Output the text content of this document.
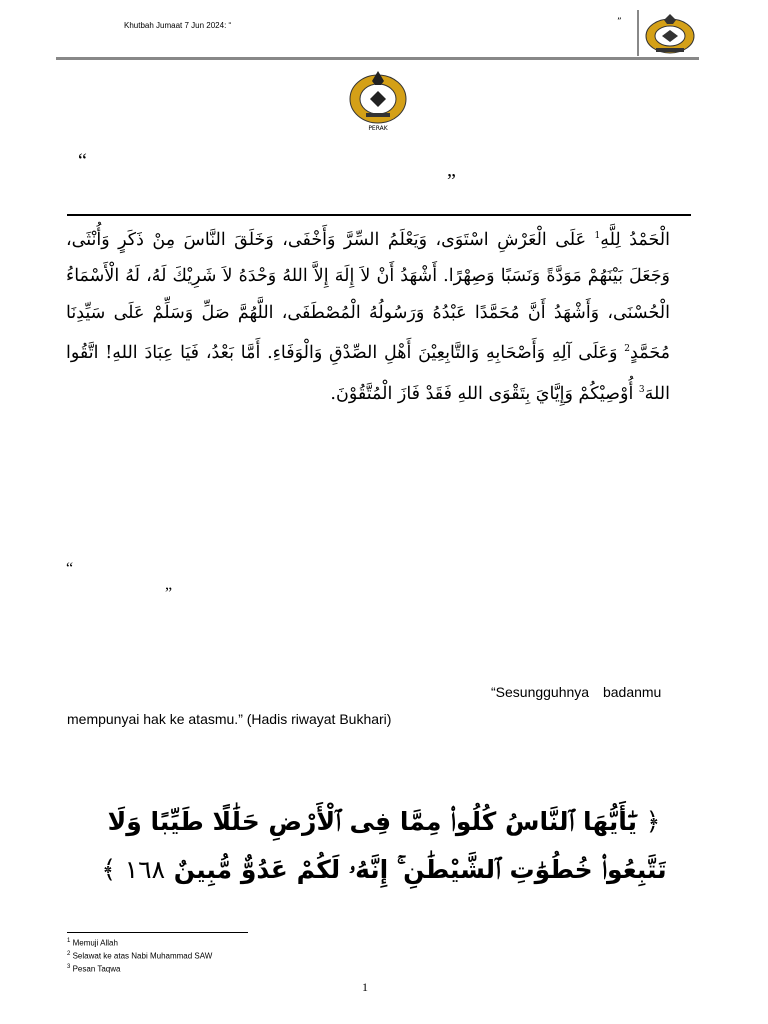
Khutbah Jumaat 7 Jun 2024: “	”
PERAK
“
”
الْحَمْدُ لِلَّهِ$^1$ عَلَى الْعَرْشِ اسْتَوَى، وَيَعْلَمُ السِّرَّ وَأَخْفَى، وَخَلَقَ النَّاسَ مِنْ ذَكَرٍ وَأُنْثَى، وَجَعَلَ بَيْنَهُمْ مَوَدَّةً وَنَسَبًا وَصِهْرًا. أَشْهَدُ أَنْ لاَ إِلَهَ إِلاَّ اللهُ وَحْدَهُ لاَ شَرِيْكَ لَهُ، لَهُ الْأَسْمَاءُ الْحُسْنَى، وَأَشْهَدُ أَنَّ مُحَمَّدًا عَبْدُهُ وَرَسُولُهُ الْمُصْطَفَى، اللَّهُمَّ صَلِّ وَسَلِّمْ عَلَى سَيِّدِنَا مُحَمَّدٍ$^2$ وَعَلَى آلِهِ وَأَصْحَابِهِ وَالتَّابِعِيْنَ أَهْلِ الصِّدْقِ وَالْوَفَاءِ. أَمَّا بَعْدُ، فَيَا عِبَادَ اللهِ! اتَّقُوا اللهَ$^3$ أُوْصِيْكُمْ وَإِيَّايَ بِتَقْوَى اللهِ فَقَدْ فَازَ الْمُتَّقُوْنَ.
“
”
“Sesungguhnya badanmu
mempunyai hak ke atasmu.” (Hadis riwayat Bukhari)
﴿ يَٰٓأَيُّهَا ٱلنَّاسُ كُلُوا۟ مِمَّا فِى ٱلْأَرْضِ حَلَٰلًا طَيِّبًا وَلَا تَتَّبِعُوا۟ خُطُوَٰتِ ٱلشَّيْطَٰنِ ۚ إِنَّهُۥ لَكُمْ عَدُوٌّ مُّبِينٌ ١٦٨ ﴾
$^1$ Memuji Allah
$^2$ Selawat ke atas Nabi Muhammad SAW
$^3$ Pesan Taqwa
1
